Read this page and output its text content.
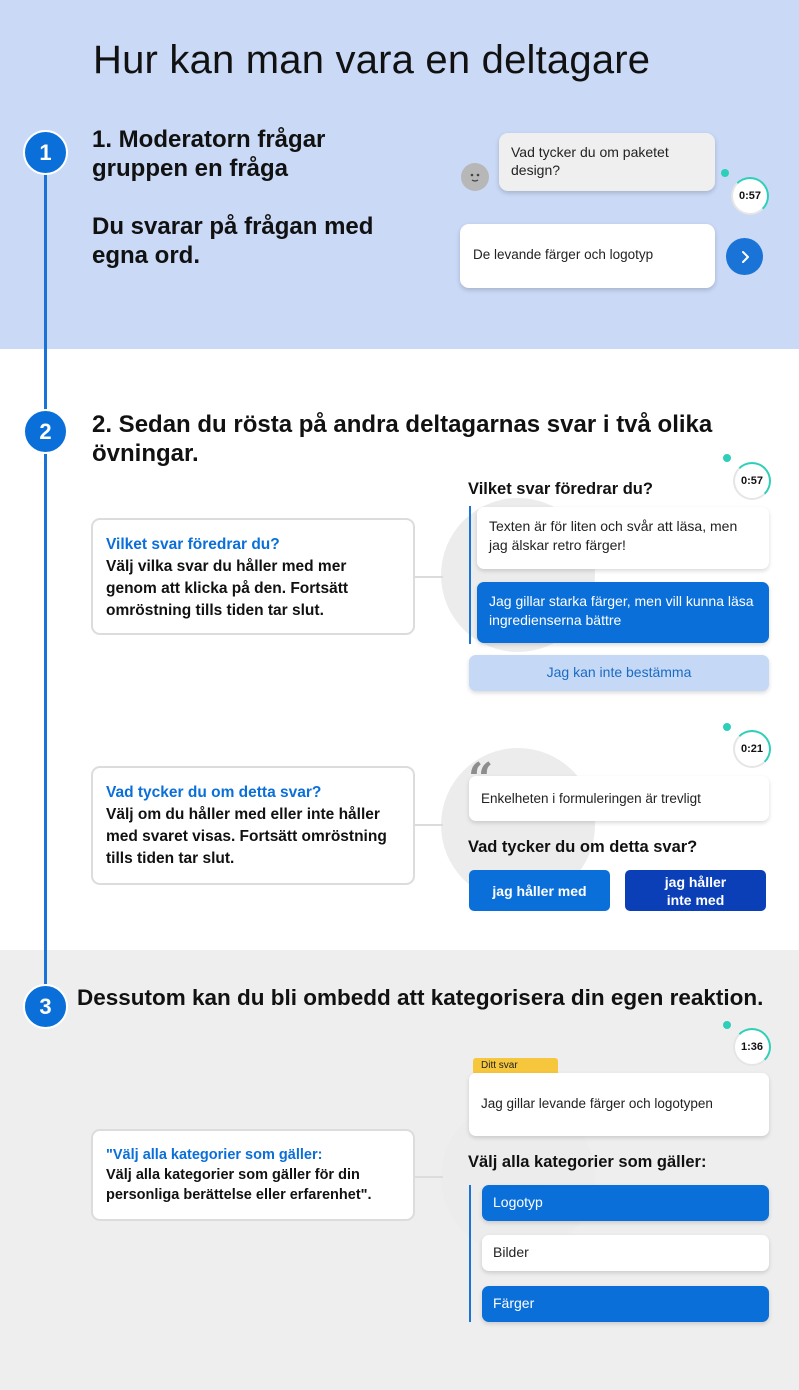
1
2
3
Hur kan man vara en deltagare
1. Moderatorn frågar gruppen en fråga
Du svarar på frågan med egna ord.
Vad tycker du om paketet design?
0:57
De levande färger och logotyp
2. Sedan du rösta på andra deltagarnas svar i två olika övningar.
Vilket svar föredrar du?
Välj vilka svar du håller med mer genom att klicka på den. Fortsätt omröstning tills tiden tar slut.
0:57
Vilket svar föredrar du?
Texten är för liten och svår att läsa, men jag älskar retro färger!
Jag gillar starka färger, men vill kunna läsa ingredienserna bättre
Jag kan inte bestämma
Vad tycker du om detta svar?
Välj om du håller med eller inte håller med svaret visas. Fortsätt omröstning tills tiden tar slut.
0:21
Enkelheten i formuleringen är trevligt
Vad tycker du om detta svar?
jag håller med
jag håller inte med
Dessutom kan du bli ombedd att kategorisera din egen reaktion.
"Välj alla kategorier som gäller:
Välj alla kategorier som gäller för din personliga berättelse eller erfarenhet".
1:36
Ditt svar
Jag gillar levande färger och logotypen
Välj alla kategorier som gäller:
Logotyp
Bilder
Färger
